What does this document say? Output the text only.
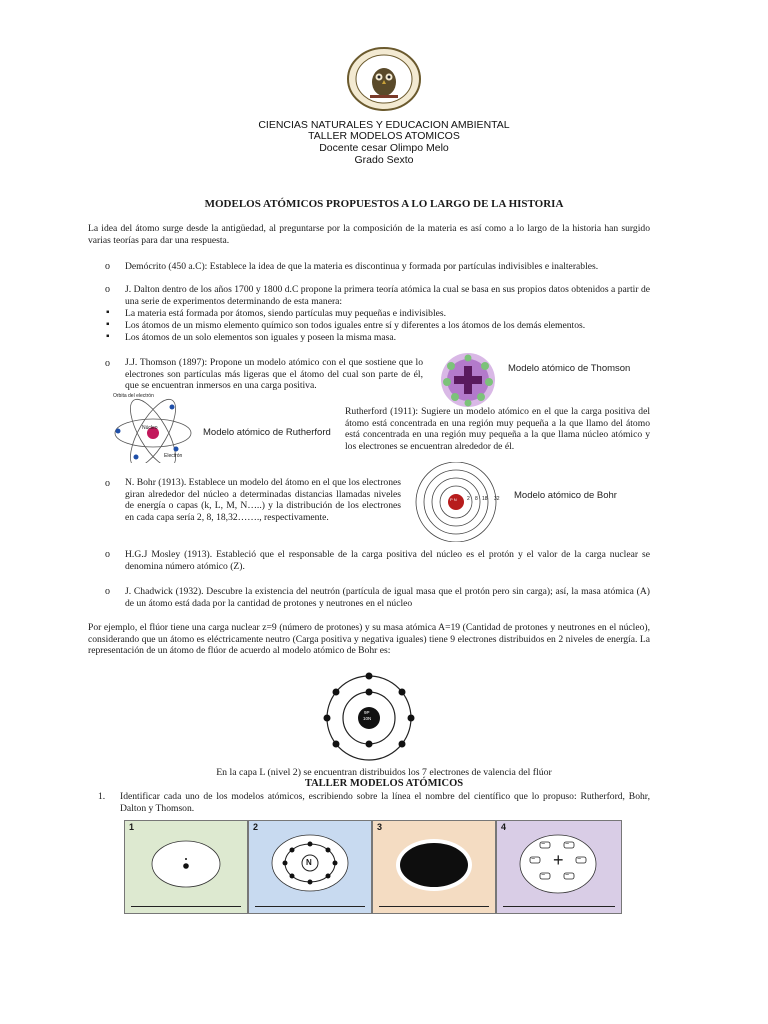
CIENCIAS NATURALES Y EDUCACION AMBIENTAL
TALLER MODELOS ATOMICOS
Docente cesar Olimpo Melo
Grado Sexto
MODELOS ATÓMICOS PROPUESTOS A LO LARGO DE LA HISTORIA
La idea del átomo surge desde la antigüedad, al preguntarse por la composición de la materia es así como a lo largo de la historia han surgido varias teorías para dar una respuesta.
o Demócrito (450 a.C): Establece la idea de que la materia es discontinua y formada por partículas indivisibles e inalterables.
o J. Dalton dentro de los años 1700 y 1800 d.C propone la primera teoría atómica la cual se basa en sus propios datos obtenidos a partir de una serie de experimentos determinando de esta manera:
▪ La materia está formada por átomos, siendo partículas muy pequeñas e indivisibles.
▪ Los átomos de un mismo elemento químico son todos iguales entre sí y diferentes a los átomos de los demás elementos.
▪ Los átomos de un solo elementos son iguales y poseen la misma masa.
o J.J. Thomson (1897): Propone un modelo atómico con el que sostiene que lo electrones son partículas más ligeras que el átomo del cual son parte de él, que se encuentran inmersos en una carga positiva.
Modelo atómico de Thomson
Orbita del electrón
Núcleo
Electrón
Modelo atómico de Rutherford
Rutherford (1911): Sugiere un modelo atómico en el que la carga positiva del átomo está concentrada en una región muy pequeña a la que llamo del átomo está concentrada en una región muy pequeña a la que llama núcleo atómico y los electrones se encuentran alrededor de él.
o N. Bohr (1913). Establece un modelo del átomo en el que los electrones giran alrededor del núcleo a determinadas distancias llamadas niveles de energía o capas (k, L, M, N…..) y la distribución de los electrones en cada capa sería 2, 8, 18,32……., respectivamente.
P N 2 8 18 32 Modelo atómico de Bohr
o H.G.J Mosley (1913). Estableció que el responsable de la carga positiva del núcleo es el protón y el valor de la carga nuclear se denomina número atómico (Z).
o J. Chadwick (1932). Descubre la existencia del neutrón (partícula de igual masa que el protón pero sin carga); así, la masa atómica (A) de un átomo está dada por la cantidad de protones y neutrones en el núcleo
Por ejemplo, el flúor tiene una carga nuclear z=9 (número de protones) y su masa atómica A=19 (Cantidad de protones y neutrones en el núcleo), considerando que un átomo es eléctricamente neutro (Carga positiva y negativa iguales) tiene 9 electrones distribuidos en 2 niveles de energía. La representación de un átomo de flúor de acuerdo al modelo atómico de Bohr es:
9P
10N
En la capa L (nivel 2) se encuentran distribuidos los 7 electrones de valencia del flúor
TALLER MODELOS ATÓMICOS
1. Identificar cada uno de los modelos atómicos, escribiendo sobre la línea el nombre del científico que lo propuso: Rutherford, Bohr, Dalton y Thomson.
1	2
N
3	4
−	−
−	−
+
−	−
